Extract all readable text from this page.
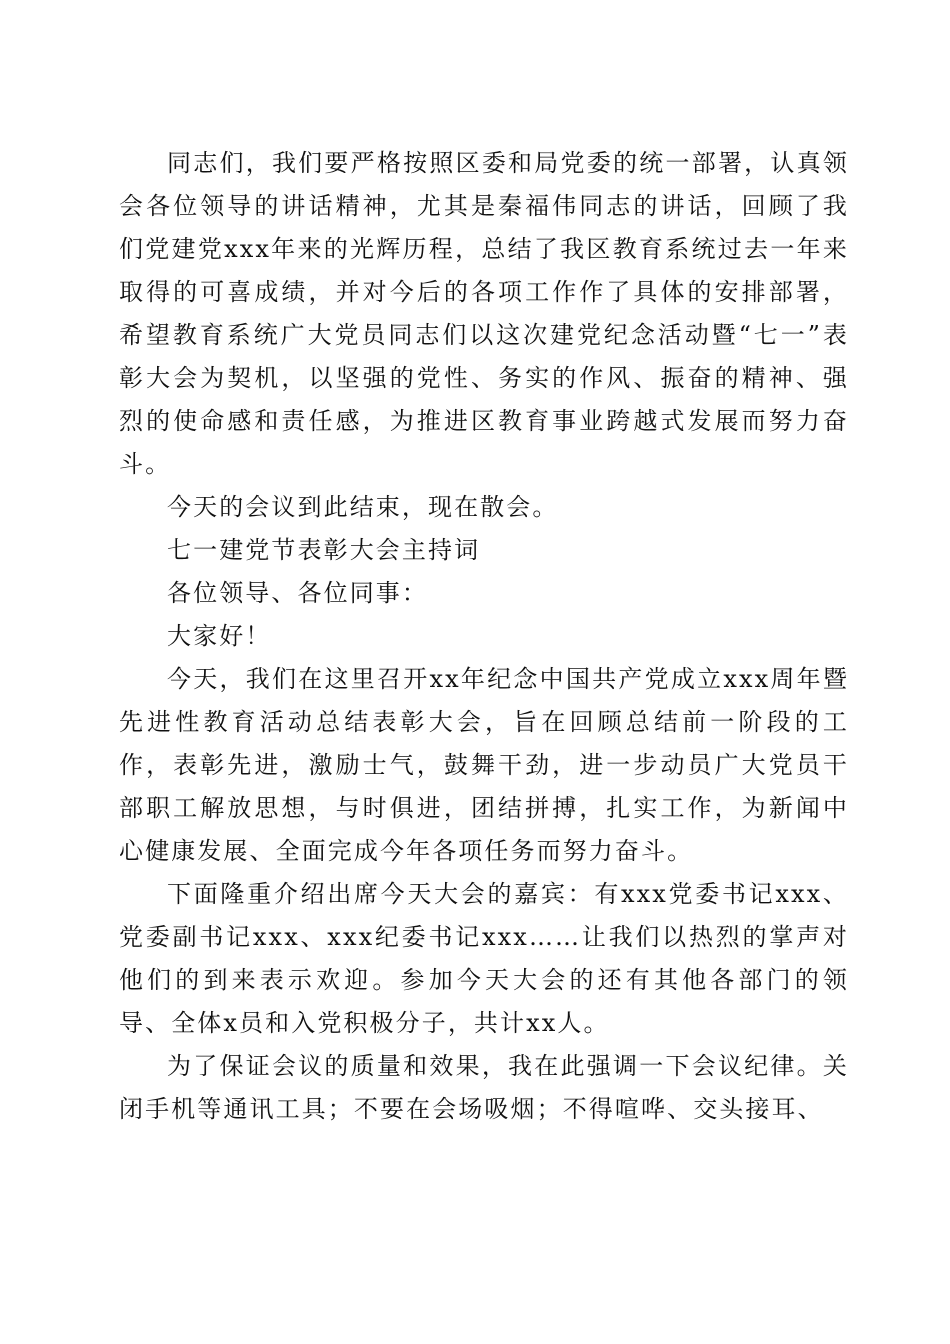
同志们，我们要严格按照区委和局党委的统一部署，认真领会各位领导的讲话精神，尤其是秦福伟同志的讲话，回顾了我们党建党xxx年来的光辉历程，总结了我区教育系统过去一年来取得的可喜成绩，并对今后的各项工作作了具体的安排部署，希望教育系统广大党员同志们以这次建党纪念活动暨“七一”表彰大会为契机，以坚强的党性、务实的作风、振奋的精神、强烈的使命感和责任感，为推进区教育事业跨越式发展而努力奋斗。

今天的会议到此结束，现在散会。

七一建党节表彰大会主持词

各位领导、各位同事：

大家好！

今天，我们在这里召开xx年纪念中国共产党成立xxx周年暨先进性教育活动总结表彰大会，旨在回顾总结前一阶段的工作，表彰先进，激励士气，鼓舞干劲，进一步动员广大党员干部职工解放思想，与时俱进，团结拼搏，扎实工作，为新闻中心健康发展、全面完成今年各项任务而努力奋斗。

下面隆重介绍出席今天大会的嘉宾：有xxx党委书记xxx、党委副书记xxx、xxx纪委书记xxx……让我们以热烈的掌声对他们的到来表示欢迎。参加今天大会的还有其他各部门的领导、全体x员和入党积极分子，共计xx人。

为了保证会议的质量和效果，我在此强调一下会议纪律。关闭手机等通讯工具；不要在会场吸烟；不得喧哗、交头接耳、
